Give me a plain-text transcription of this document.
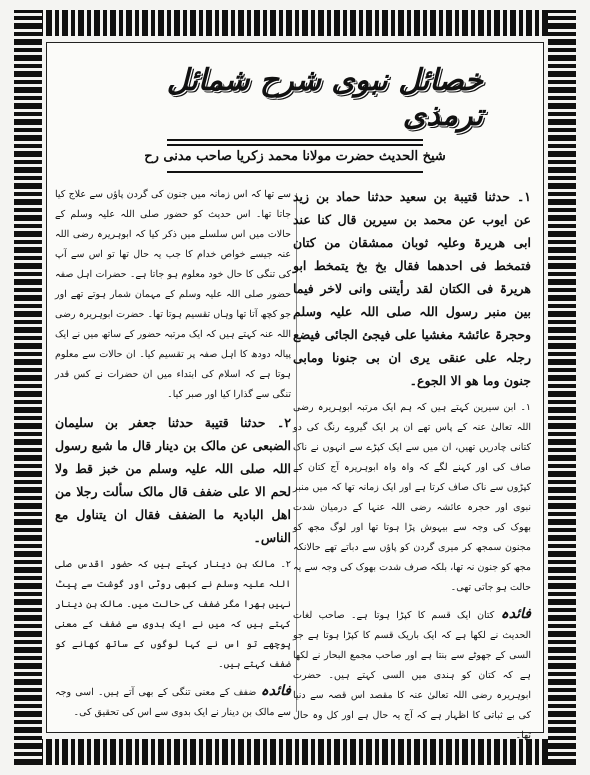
خصائل نبوی شرح شمائل ترمذی
شیخ الحدیث حضرت مولانا محمد زکریا صاحب مدنی رح

۱۔ حدثنا قتیبة بن سعید حدثنا حماد بن زید عن ایوب عن محمد بن سیرین قال کنا عند ابی ھریرۃ وعلیہ ثوبان ممشقان من کتان فتمخط فی احدھما فقال بخ بخ یتمخط ابو ھریرۃ فی الکتان لقد رأیتنی وانی لاخر فیما بین منبر رسول اللہ صلی اللہ علیہ وسلم وحجرۃ عائشۃ مغشیا علی فیجئ الجائی فیضع رجلہ علی عنقی یری ان بی جنونا ومابی جنون وما ھو الا الجوع۔

۱۔ ابن سیرین کہتے ہیں کہ ہم ایک مرتبہ ابوہریرہ رضی اللہ تعالیٰ عنہ کے پاس تھے ان پر ایک گیروے رنگ کی دو کتانی چادریں تھیں، ان میں سے ایک کپڑے سے انہوں نے ناک صاف کی اور کہنے لگے کہ واہ واہ ابوہریرہ آج کتان کے کپڑوں سے ناک صاف کرتا ہے اور ایک زمانہ تھا کہ میں منبر نبوی اور حجرہ عائشہ رضی اللہ عنہا کے درمیان شدت بھوک کی وجہ سے بیہوش پڑا ہوتا تھا اور لوگ مجھ کو مجنون سمجھ کر میری گردن کو پاؤں سے دباتے تھے حالانکہ مجھ کو جنون نہ تھا، بلکہ صرف شدت بھوک کی وجہ سے یہ حالت ہو جاتی تھی۔

فائدہ کتان ایک قسم کا کپڑا ہوتا ہے۔ صاحب لغات الحدیث نے لکھا ہے کہ ایک باریک قسم کا کپڑا ہوتا ہے جو السی کے جھوٹے سے بنتا ہے اور صاحب مجمع البحار نے لکھا ہے کہ کتان کو ہندی میں السی کہتے ہیں۔ حضرت ابوہریرہ رضی اللہ تعالیٰ عنہ کا مقصد اس قصہ سے دنیا کی بے ثباتی کا اظہار ہے کہ آج یہ حال ہے اور کل وہ حال تھا۔

سے تھا کہ اس زمانہ میں جنون کی گردن پاؤں سے علاج کیا جاتا تھا۔ اس حدیث کو حضور صلی اللہ علیہ وسلم کے حالات میں اس سلسلے میں ذکر کیا کہ ابوہریرہ رضی اللہ عنہ جیسے خواص خدام کا جب یہ حال تھا تو اس سے آپ کی تنگی کا حال خود معلوم ہو جاتا ہے۔ حضرات اہل صفہ حضور صلی اللہ علیہ وسلم کے مہمان شمار ہوتے تھے اور جو کچھ آتا تھا وہاں تقسیم ہوتا تھا۔ حضرت ابوہریرہ رضی اللہ عنہ کہتے ہیں کہ ایک مرتبہ حضور کے ساتھ میں نے ایک پیالہ دودھ کا اہل صفہ پر تقسیم کیا۔ ان حالات سے معلوم ہوتا ہے کہ اسلام کی ابتداء میں ان حضرات نے کس قدر تنگی سے گذارا کیا اور صبر کیا۔

۲۔ حدثنا قتیبة حدثنا جعفر بن سلیمان الضبعی عن مالک بن دینار قال ما شبع رسول اللہ صلی اللہ علیہ وسلم من خبز قط ولا لحم الا علی ضفف قال مالک سألت رجلا من اھل البادیۃ ما الضفف فقال ان یتناول مع الناس۔

۲۔ مالک بن دینار کہتے ہیں کہ حضور اقدس صلی اللہ علیہ وسلم نے کبھی روٹی اور گوشت سے پیٹ نہیں بھرا مگر ضفف کی حالت میں۔ مالک بن دینار کہتے ہیں کہ میں نے ایک بدوی سے ضفف کے معنی پوچھے تو اس نے کہا لوگوں کے ساتھ کھانے کو ضفف کہتے ہیں۔

فائدہ ضفف کے معنی تنگی کے بھی آتے ہیں۔ اسی وجہ سے مالک بن دینار نے ایک بدوی سے اس کی تحقیق کی۔
